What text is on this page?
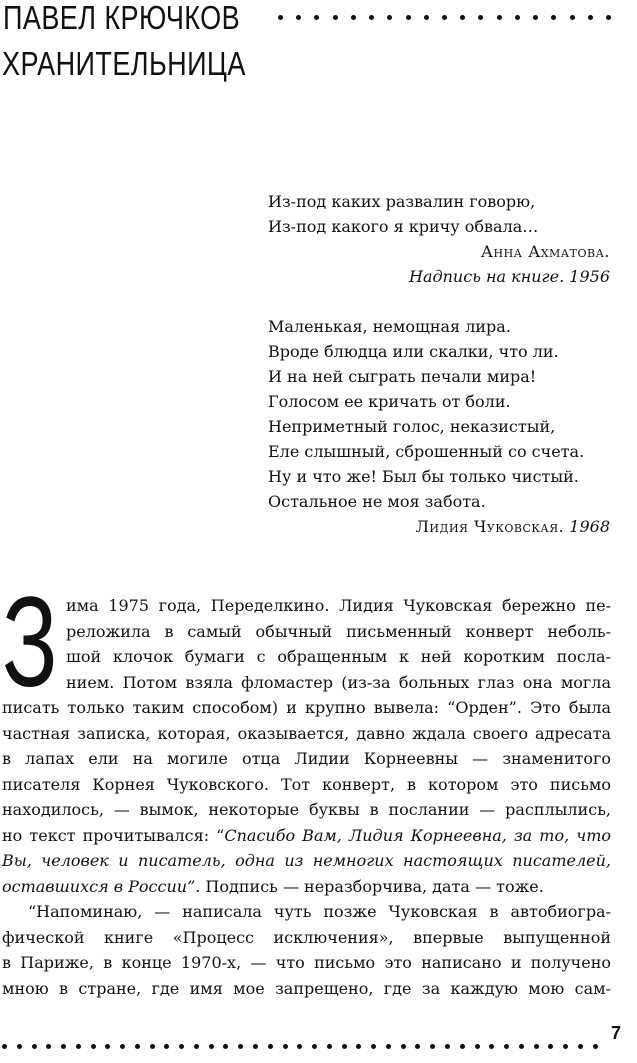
ПАВЕЛ КРЮЧКОВ
ХРАНИТЕЛЬНИЦА
Из-под каких развалин говорю,
Из-под какого я кричу обвала…
Анна Ахматова.
Надпись на книге. 1956
Маленькая, немощная лира.
Вроде блюдца или скалки, что ли.
И на ней сыграть печали мира!
Голосом ее кричать от боли.
Неприметный голос, неказистый,
Еле слышный, сброшенный со счета.
Ну и что же! Был бы только чистый.
Остальное не моя забота.
Лидия Чуковская. 1968
З има 1975 года, Переделкино. Лидия Чуковская бережно пе-
реложила в самый обычный письменный конверт неболь-
шой клочок бумаги с обращенным к ней коротким посла-
нием. Потом взяла фломастер (из-за больных глаз она могла
писать только таким способом) и крупно вывела: “Орден”. Это была
частная записка, которая, оказывается, давно ждала своего адресата
в лапах ели на могиле отца Лидии Корнеевны — знаменитого
писателя Корнея Чуковского. Тот конверт, в котором это письмо
находилось, — вымок, некоторые буквы в послании — расплылись,
но текст прочитывался: “Спасибо Вам, Лидия Корнеевна, за то, что
Вы, человек и писатель, одна из немногих настоящих писателей,
оставшихся в России”. Подпись — неразборчива, дата — тоже.
“Напоминаю, — написала чуть позже Чуковская в автобиогра-
фической книге «Процесс исключения», впервые выпущенной
в Париже, в конце 1970-х, — что письмо это написано и получено
мною в стране, где имя мое запрещено, где за каждую мою сам-
7
